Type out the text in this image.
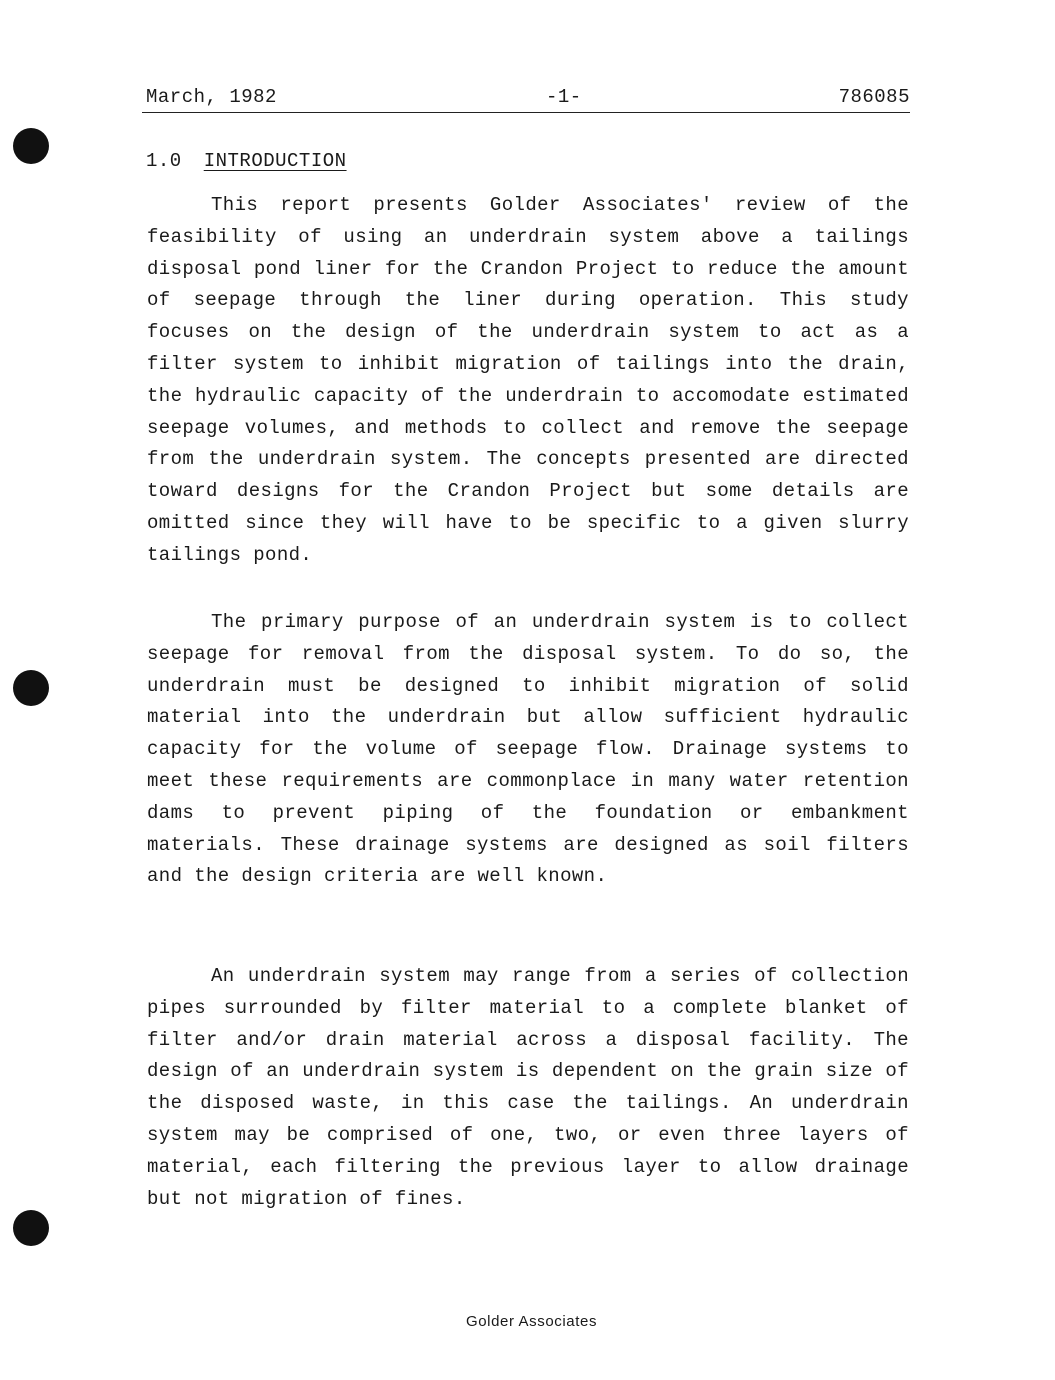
March, 1982	-1-	786085
1.0 INTRODUCTION

This report presents Golder Associates' review of the feasibility of using an underdrain system above a tailings disposal pond liner for the Crandon Project to reduce the amount of seepage through the liner during operation. This study focuses on the design of the underdrain system to act as a filter system to inhibit migration of tailings into the drain, the hydraulic capacity of the underdrain to accomodate estimated seepage volumes, and methods to collect and remove the seepage from the underdrain system. The concepts presented are directed toward designs for the Crandon Project but some details are omitted since they will have to be specific to a given slurry tailings pond.

The primary purpose of an underdrain system is to collect seepage for removal from the disposal system. To do so, the underdrain must be designed to inhibit migration of solid material into the underdrain but allow sufficient hydraulic capacity for the volume of seepage flow. Drainage systems to meet these requirements are commonplace in many water retention dams to prevent piping of the foundation or embankment materials. These drainage systems are designed as soil filters and the design criteria are well known.

An underdrain system may range from a series of collection pipes surrounded by filter material to a complete blanket of filter and/or drain material across a disposal facility. The design of an underdrain system is dependent on the grain size of the disposed waste, in this case the tailings. An underdrain system may be comprised of one, two, or even three layers of material, each filtering the previous layer to allow drainage but not migration of fines.

Golder Associates
